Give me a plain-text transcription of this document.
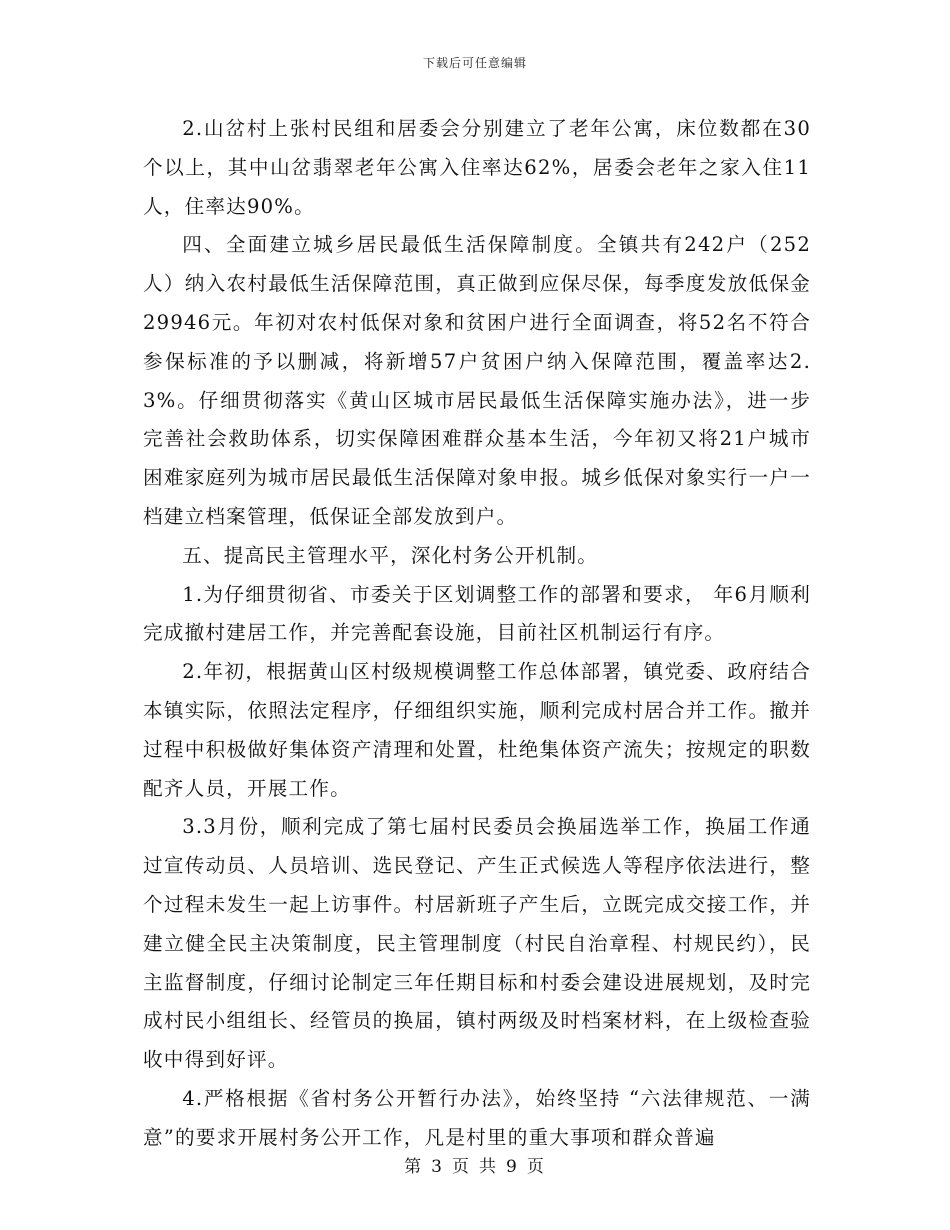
下载后可任意编辑

2.山岔村上张村民组和居委会分别建立了老年公寓，床位数都在30个以上，其中山岔翡翠老年公寓入住率达62%，居委会老年之家入住11人，住率达90%。

四、全面建立城乡居民最低生活保障制度。全镇共有242户（252人）纳入农村最低生活保障范围，真正做到应保尽保，每季度发放低保金29946元。年初对农村低保对象和贫困户进行全面调查，将52名不符合参保标准的予以删减，将新增57户贫困户纳入保障范围，覆盖率达2.3%。仔细贯彻落实《黄山区城市居民最低生活保障实施办法》，进一步完善社会救助体系，切实保障困难群众基本生活，今年初又将21户城市困难家庭列为城市居民最低生活保障对象申报。城乡低保对象实行一户一档建立档案管理，低保证全部发放到户。

五、提高民主管理水平，深化村务公开机制。

1.为仔细贯彻省、市委关于区划调整工作的部署和要求， 年6月顺利完成撤村建居工作，并完善配套设施，目前社区机制运行有序。

2.年初，根据黄山区村级规模调整工作总体部署，镇党委、政府结合本镇实际，依照法定程序，仔细组织实施，顺利完成村居合并工作。撤并过程中积极做好集体资产清理和处置，杜绝集体资产流失；按规定的职数配齐人员，开展工作。

3.3月份，顺利完成了第七届村民委员会换届选举工作，换届工作通过宣传动员、人员培训、选民登记、产生正式候选人等程序依法进行，整个过程未发生一起上访事件。村居新班子产生后，立既完成交接工作，并建立健全民主决策制度，民主管理制度（村民自治章程、村规民约），民主监督制度，仔细讨论制定三年任期目标和村委会建设进展规划，及时完成村民小组组长、经管员的换届，镇村两级及时档案材料，在上级检查验收中得到好评。

4.严格根据《省村务公开暂行办法》，始终坚持 “六法律规范、一满意”的要求开展村务公开工作，凡是村里的重大事项和群众普遍

第 3 页 共 9 页
